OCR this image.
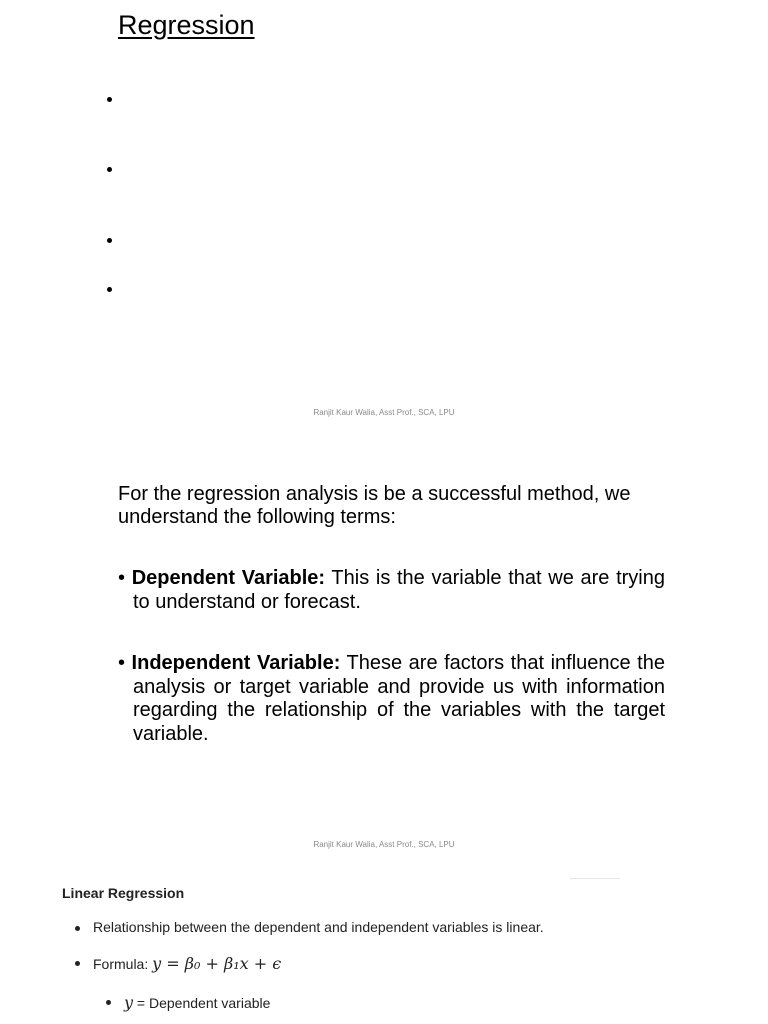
Regression
Ranjit Kaur Walia, Asst Prof., SCA, LPU
For the regression analysis is be a successful method, we understand the following terms:
• Dependent Variable: This is the variable that we are trying to understand or forecast.
• Independent Variable: These are factors that influence the analysis or target variable and provide us with information regarding the relationship of the variables with the target variable.
Ranjit Kaur Walia, Asst Prof., SCA, LPU
Linear Regression
Relationship between the dependent and independent variables is linear.
Formula: y = β₀ + β₁x + ϵ
y = Dependent variable
